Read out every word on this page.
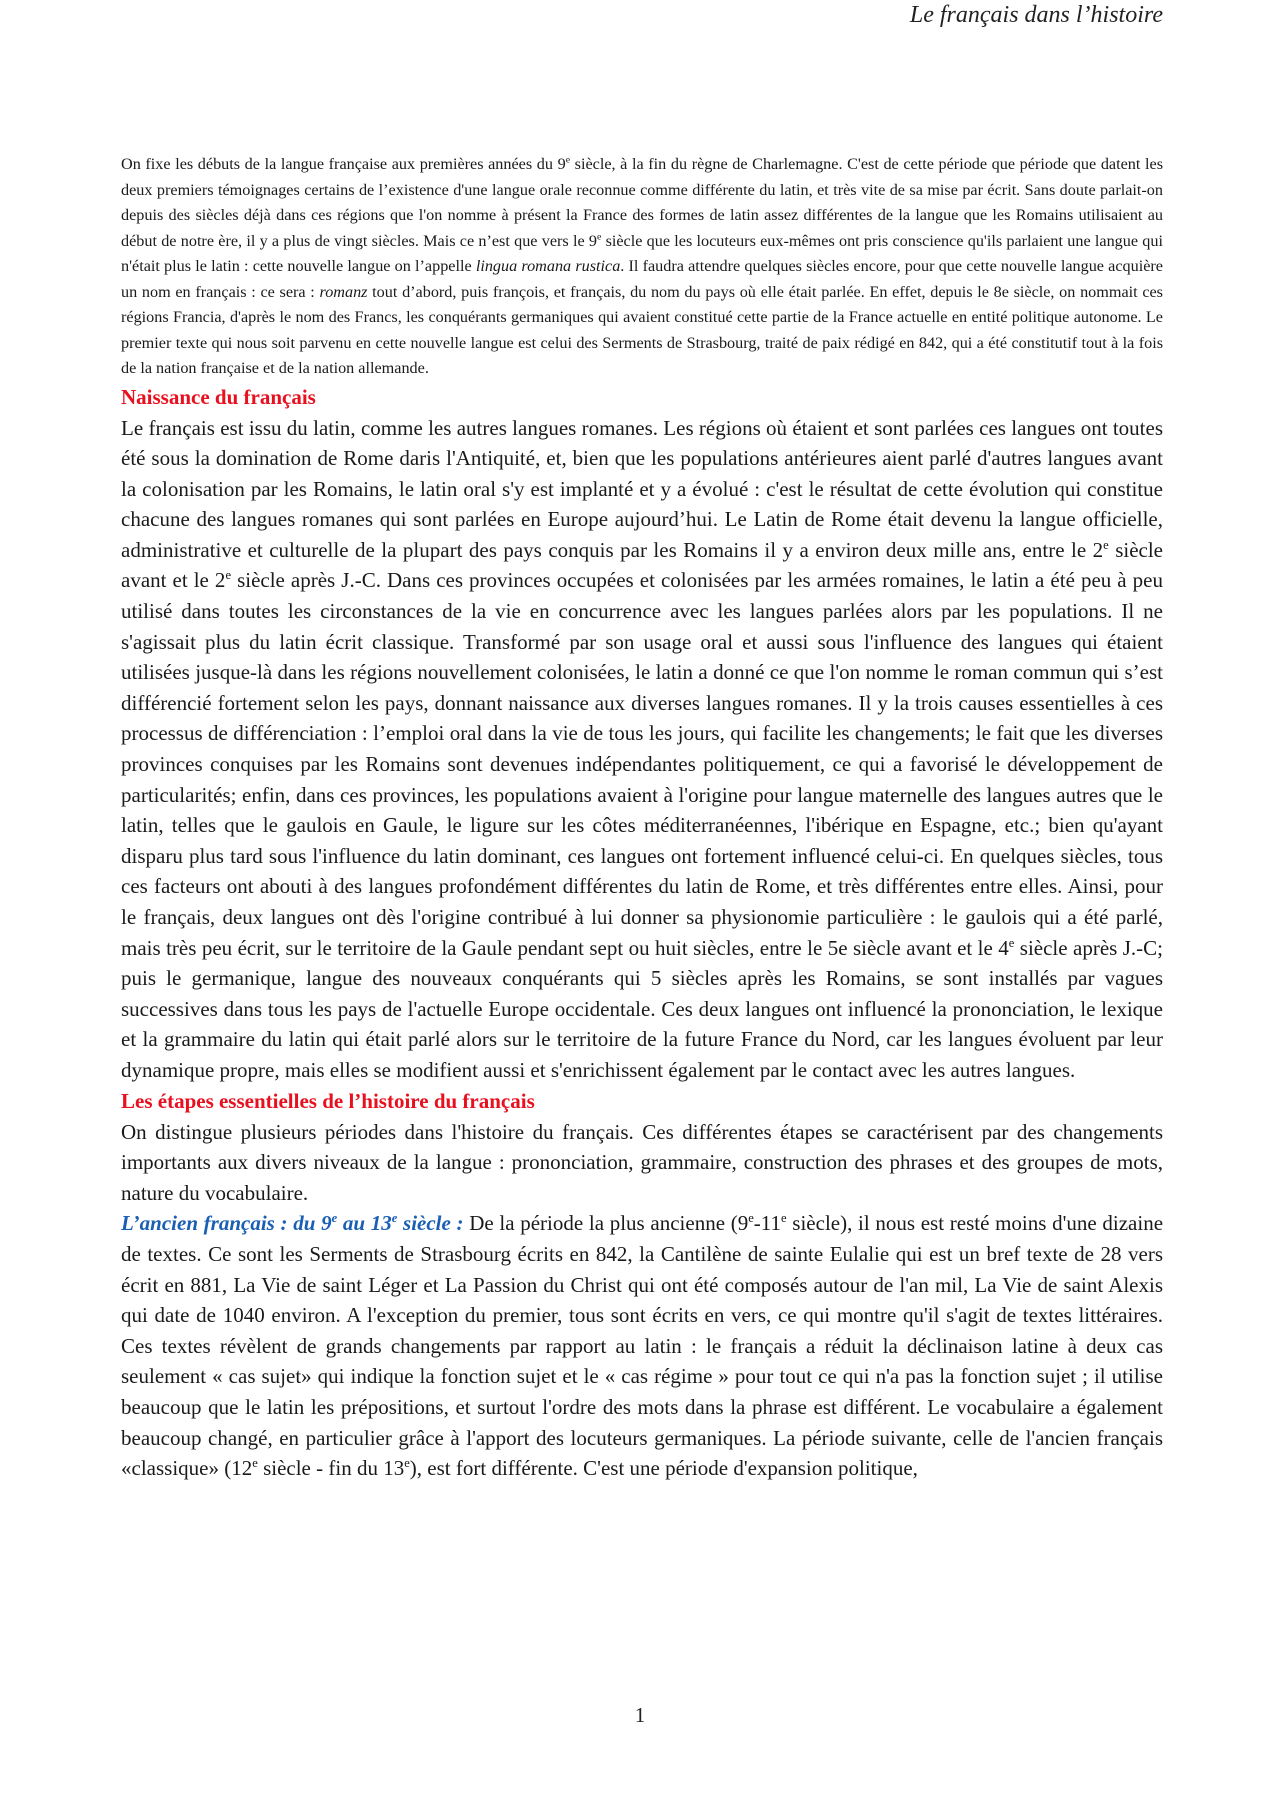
Le français dans l’histoire

On fixe les débuts de la langue française aux premières années du 9e siècle, à la fin du règne de Charlemagne. C'est de cette période que période que datent les deux premiers témoignages certains de l’existence d'une langue orale reconnue comme différente du latin, et très vite de sa mise par écrit. Sans doute parlait-on depuis des siècles déjà dans ces régions que l'on nomme à présent la France des formes de latin assez différentes de la langue que les Romains utilisaient au début de notre ère, il y a plus de vingt siècles. Mais ce n’est que vers le 9e siècle que les locuteurs eux-mêmes ont pris conscience qu'ils parlaient une langue qui n'était plus le latin : cette nouvelle langue on l’appelle lingua romana rustica. Il faudra attendre quelques siècles encore, pour que cette nouvelle langue acquière un nom en français : ce sera : romanz tout d’abord, puis françois, et français, du nom du pays où elle était parlée. En effet, depuis le 8e siècle, on nommait ces régions Francia, d'après le nom des Francs, les conquérants germaniques qui avaient constitué cette partie de la France actuelle en entité politique autonome. Le premier texte qui nous soit parvenu en cette nouvelle langue est celui des Serments de Strasbourg, traité de paix rédigé en 842, qui a été constitutif tout à la fois de la nation française et de la nation allemande.

Naissance du français

Le français est issu du latin, comme les autres langues romanes. Les régions où étaient et sont parlées ces langues ont toutes été sous la domination de Rome daris l'Antiquité, et, bien que les populations antérieures aient parlé d'autres langues avant la colonisation par les Romains, le latin oral s'y est implanté et y a évolué : c'est le résultat de cette évolution qui constitue chacune des langues romanes qui sont parlées en Europe aujourd’hui. Le Latin de Rome était devenu la langue officielle, administrative et culturelle de la plupart des pays conquis par les Romains il y a environ deux mille ans, entre le 2e siècle avant et le 2e siècle après J.-C. Dans ces provinces occupées et colonisées par les armées romaines, le latin a été peu à peu utilisé dans toutes les circonstances de la vie en concurrence avec les langues parlées alors par les populations. Il ne s'agissait plus du latin écrit classique. Transformé par son usage oral et aussi sous l'influence des langues qui étaient utilisées jusque-là dans les régions nouvellement colonisées, le latin a donné ce que l'on nomme le roman commun qui s’est différencié fortement selon les pays, donnant naissance aux diverses langues romanes. Il y la trois causes essentielles à ces processus de différenciation : l’emploi oral dans la vie de tous les jours, qui facilite les changements; le fait que les diverses provinces conquises par les Romains sont devenues indépendantes politiquement, ce qui a favorisé le développement de particularités; enfin, dans ces provinces, les populations avaient à l'origine pour langue maternelle des langues autres que le latin, telles que le gaulois en Gaule, le ligure sur les côtes méditerranéennes, l'ibérique en Espagne, etc.; bien qu'ayant disparu plus tard sous l'influence du latin dominant, ces langues ont fortement influencé celui-ci. En quelques siècles, tous ces facteurs ont abouti à des langues profondément différentes du latin de Rome, et très différentes entre elles. Ainsi, pour le français, deux langues ont dès l'origine contribué à lui donner sa physionomie particulière : le gaulois qui a été parlé, mais très peu écrit, sur le territoire de la Gaule pendant sept ou huit siècles, entre le 5e siècle avant et le 4e siècle après J.-C; puis le germanique, langue des nouveaux conquérants qui 5 siècles après les Romains, se sont installés par vagues successives dans tous les pays de l'actuelle Europe occidentale. Ces deux langues ont influencé la prononciation, le lexique et la grammaire du latin qui était parlé alors sur le territoire de la future France du Nord, car les langues évoluent par leur dynamique propre, mais elles se modifient aussi et s'enrichissent également par le contact avec les autres langues.

Les étapes essentielles de l’histoire du français

On distingue plusieurs périodes dans l'histoire du français. Ces différentes étapes se caractérisent par des changements importants aux divers niveaux de la langue : prononciation, grammaire, construction des phrases et des groupes de mots, nature du vocabulaire.

L’ancien français : du 9e au 13e siècle : De la période la plus ancienne (9e-11e siècle), il nous est resté moins d'une dizaine de textes. Ce sont les Serments de Strasbourg écrits en 842, la Cantilène de sainte Eulalie qui est un bref texte de 28 vers écrit en 881, La Vie de saint Léger et La Passion du Christ qui ont été composés autour de l'an mil, La Vie de saint Alexis qui date de 1040 environ. A l'exception du premier, tous sont écrits en vers, ce qui montre qu'il s'agit de textes littéraires. Ces textes révèlent de grands changements par rapport au latin : le français a réduit la déclinaison latine à deux cas seulement « cas sujet» qui indique la fonction sujet et le « cas régime » pour tout ce qui n'a pas la fonction sujet ; il utilise beaucoup que le latin les prépositions, et surtout l'ordre des mots dans la phrase est différent. Le vocabulaire a également beaucoup changé, en particulier grâce à l'apport des locuteurs germaniques. La période suivante, celle de l'ancien français «classique» (12e siècle - fin du 13e), est fort différente. C'est une période d'expansion politique,

1
